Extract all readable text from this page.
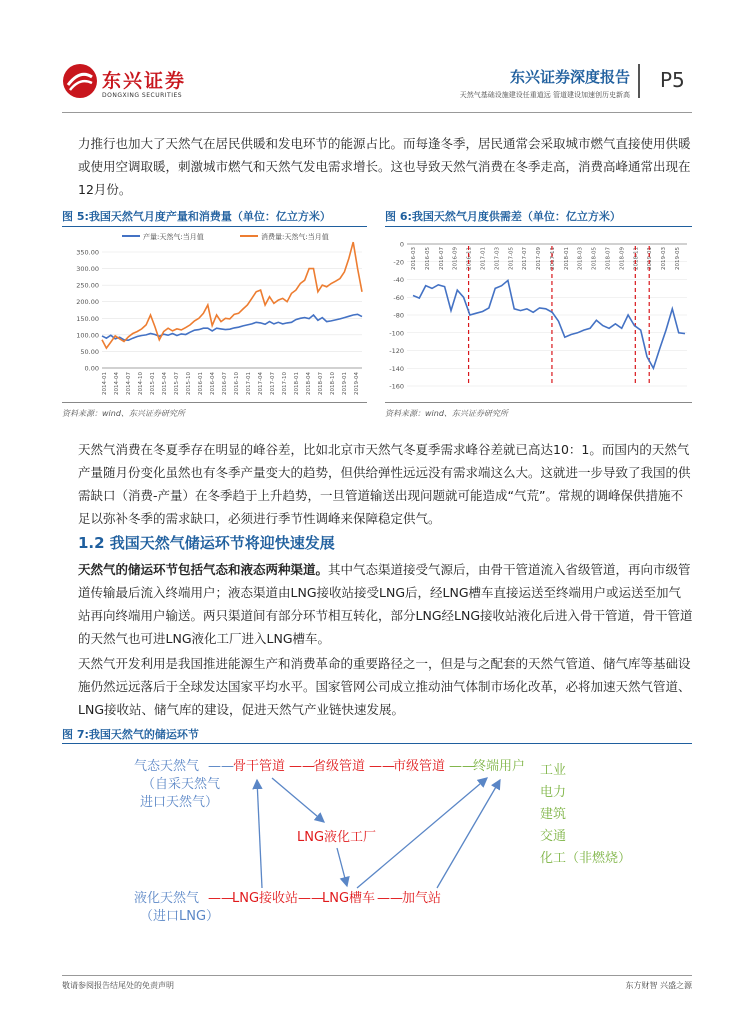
东兴证券
DONGXING SECURITIES
东兴证券深度报告
天然气基础设施建设任重道远 管道建设加速创历史新高
P5

力推行也加大了天然气在居民供暖和发电环节的能源占比。而每逢冬季，居民通常会采取城市燃气直接使用供暖或使用空调取暖，刺激城市燃气和天然气发电需求增长。这也导致天然气消费在冬季走高，消费高峰通常出现在12月份。

图 5:我国天然气月度产量和消费量（单位：亿立方米）
产量:天然气:当月值	消费量:天然气:当月值
0.00
50.00
100.00
150.00
200.00
250.00
300.00
350.00
2014-01 2014-04 2014-07 2014-10 2015-01 2015-04 2015-07 2015-10 2016-01 2016-04 2016-07 2016-10 2017-01 2017-04 2017-07 2017-10 2018-01 2018-04 2018-07 2018-10 2019-01 2019-04
资料来源：wind、东兴证券研究所
图 6:我国天然气月度供需差（单位：亿立方米）
0
-20
-40
-60
-80
-100
-120
-140
-160
2016-03 2016-05 2016-07 2016-09 2016-11 2017-01 2017-03 2017-05 2017-07 2017-09 2017-11 2018-01 2018-03 2018-05 2018-07 2018-09 2018-11 2019-01 2019-03 2019-05
资料来源：wind、东兴证券研究所

天然气消费在冬夏季存在明显的峰谷差，比如北京市天然气冬夏季需求峰谷差就已高达10：1。而国内的天然气产量随月份变化虽然也有冬季产量变大的趋势，但供给弹性远远没有需求端这么大。这就进一步导致了我国的供需缺口（消费-产量）在冬季趋于上升趋势，一旦管道输送出现问题就可能造成“气荒”。常规的调峰保供措施不足以弥补冬季的需求缺口，必须进行季节性调峰来保障稳定供气。

1.2 我国天然气储运环节将迎快速发展

天然气的储运环节包括气态和液态两种渠道。其中气态渠道接受气源后，由骨干管道流入省级管道，再向市级管道传输最后流入终端用户；液态渠道由LNG接收站接受LNG后，经LNG槽车直接运送至终端用户或运送至加气站再向终端用户输送。两只渠道间有部分环节相互转化，部分LNG经LNG接收站液化后进入骨干管道，骨干管道的天然气也可进LNG液化工厂进入LNG槽车。

天然气开发利用是我国推进能源生产和消费革命的重要路径之一，但是与之配套的天然气管道、储气库等基础设施仍然远远落后于全球发达国家平均水平。国家管网公司成立推动油气体制市场化改革，必将加速天然气管道、LNG接收站、储气库的建设，促进天然气产业链快速发展。

图 7:我国天然气的储运环节
气态天然气
（自采天然气
进口天然气）
—— 骨干管道 ——
省级管道 ——
市级管道 ——
终端用户 工业
电力
建筑
交通
化工（非燃烧）
LNG液化工厂
液化天然气
（进口LNG）
——
LNG接收站 ——
LNG槽车 —— 加气站
敬请参阅报告结尾处的免责声明	东方财智 兴盛之源
